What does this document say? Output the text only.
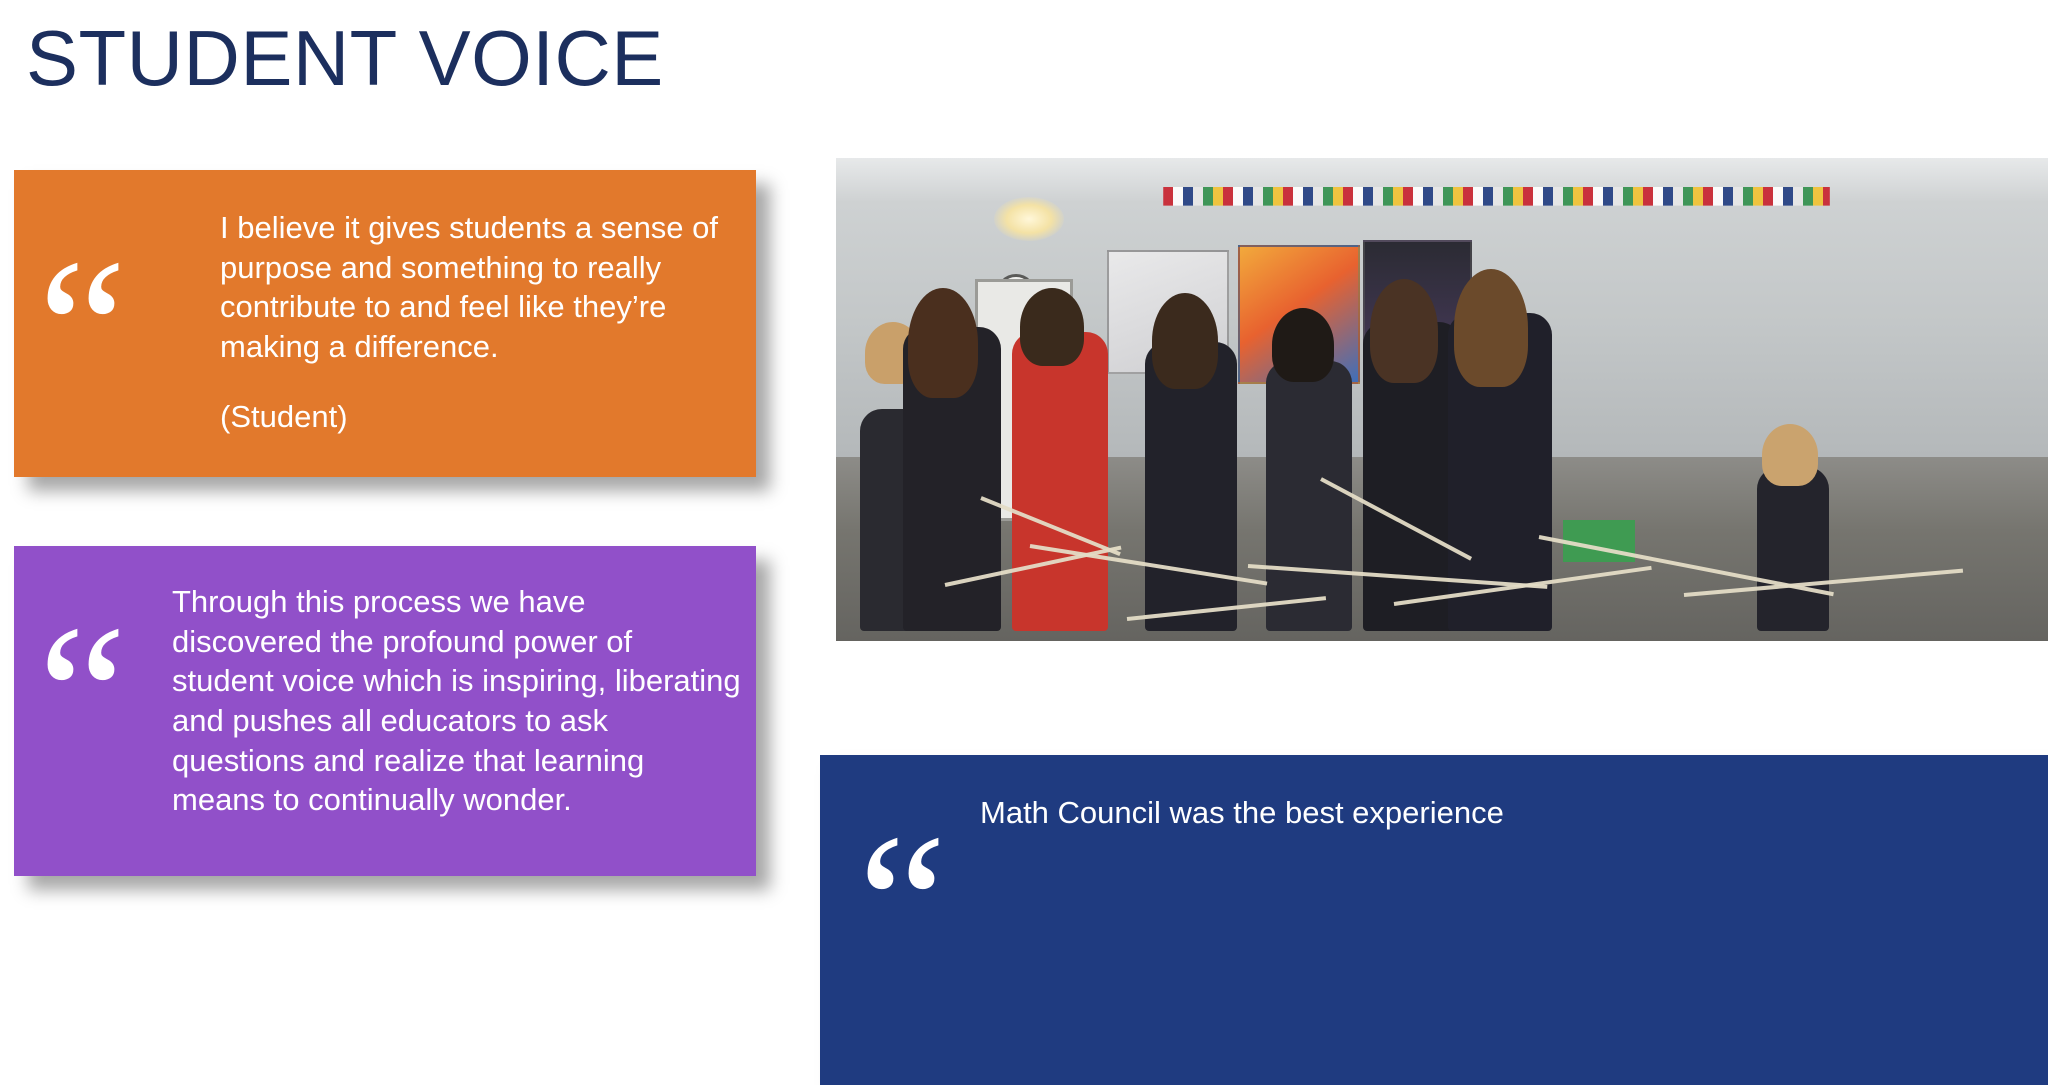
STUDENT VOICE
“	I believe it gives students a sense of purpose and something to really contribute to and feel like they’re making a difference.
(Student)
“ Through this process we have discovered the profound power of student voice which is inspiring, liberating and pushes all educators to ask questions and realize that learning means to continually wonder.	“ Math Council was the best experience
